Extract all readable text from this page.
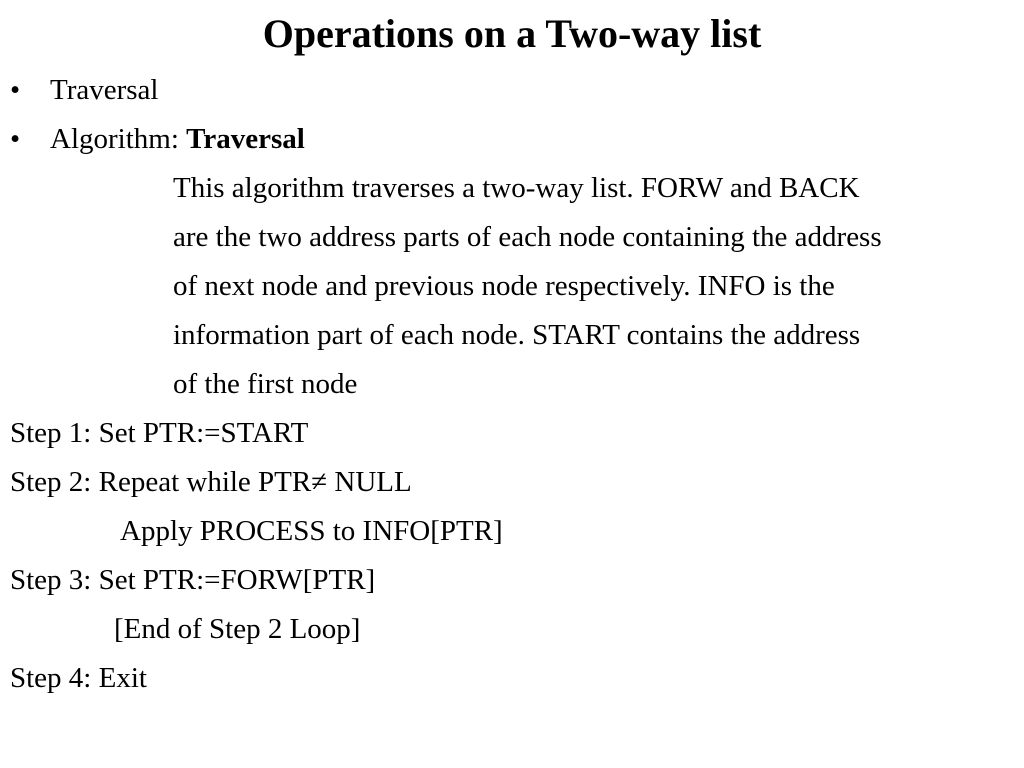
Operations on a Two-way list
• Traversal
• Algorithm: Traversal
This algorithm traverses a two-way list. FORW and BACK
are the two address parts of each node containing the address
of next node and previous node respectively. INFO is the
information part of each node. START contains the address
of the first node
Step 1: Set PTR:=START
Step 2: Repeat while PTR≠ NULL
Apply PROCESS to INFO[PTR]
Step 3: Set PTR:=FORW[PTR]
[End of Step 2 Loop]
Step 4: Exit
